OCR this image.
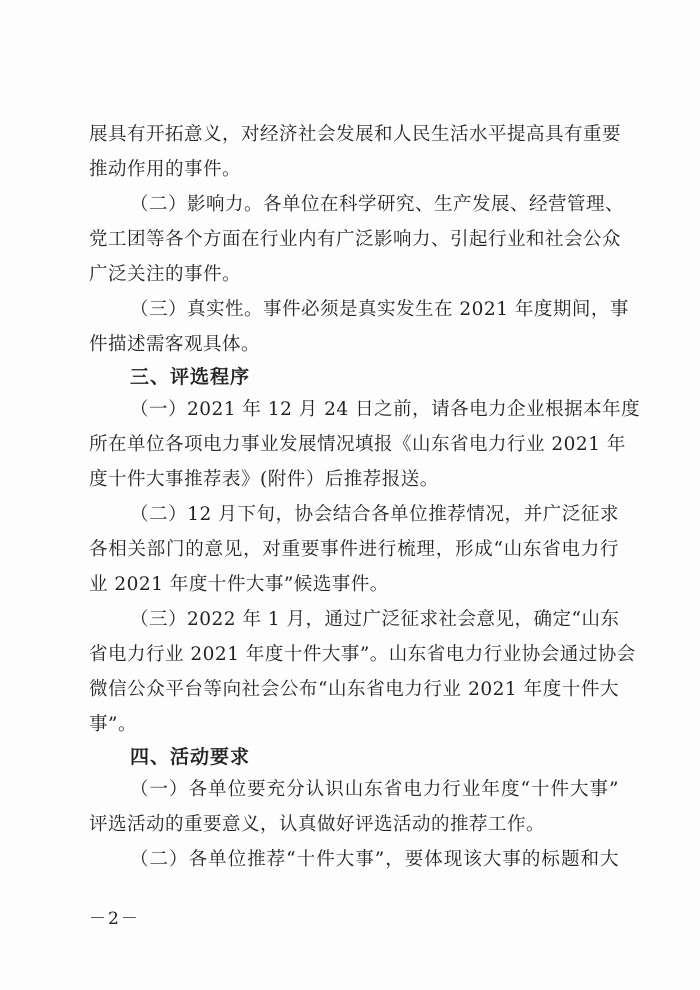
展具有开拓意义，对经济社会发展和人民生活水平提高具有重要
推动作用的事件。
（二）影响力。各单位在科学研究、生产发展、经营管理、
党工团等各个方面在行业内有广泛影响力、引起行业和社会公众
广泛关注的事件。
（三）真实性。事件必须是真实发生在 2021 年度期间，事
件描述需客观具体。
三、评选程序
（一）2021 年 12 月 24 日之前，请各电力企业根据本年度
所在单位各项电力事业发展情况填报《山东省电力行业 2021 年
度十件大事推荐表》(附件）后推荐报送。
（二）12 月下旬，协会结合各单位推荐情况，并广泛征求
各相关部门的意见，对重要事件进行梳理，形成“山东省电力行
业 2021 年度十件大事”候选事件。
（三）2022 年 1 月，通过广泛征求社会意见，确定“山东
省电力行业 2021 年度十件大事”。山东省电力行业协会通过协会
微信公众平台等向社会公布“山东省电力行业 2021 年度十件大
事”。
四、活动要求
（一）各单位要充分认识山东省电力行业年度“十件大事”
评选活动的重要意义，认真做好评选活动的推荐工作。
（二）各单位推荐“十件大事”，要体现该大事的标题和大
－2－
